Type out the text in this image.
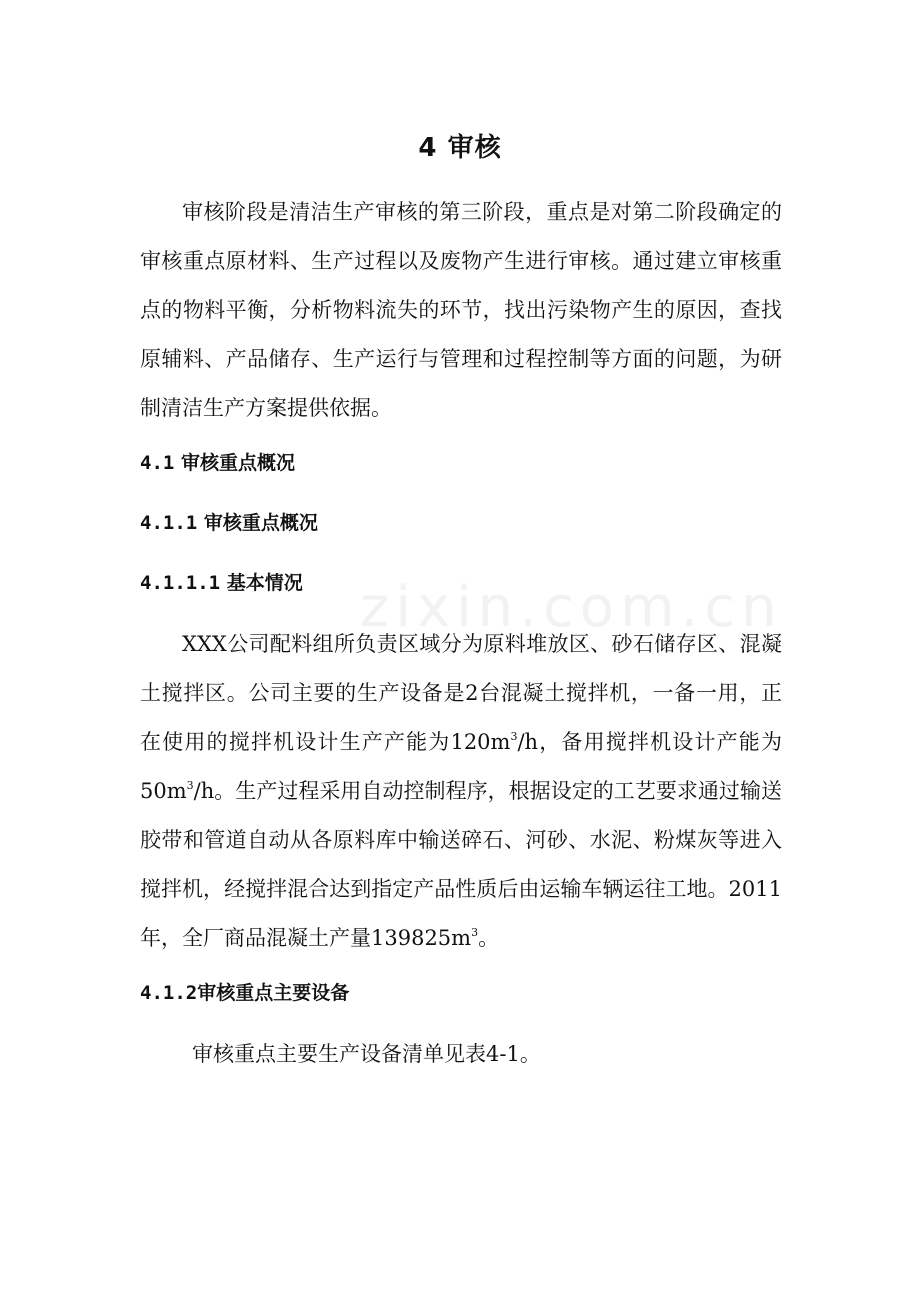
zixin.com.cn
4 审核

审核阶段是清洁生产审核的第三阶段，重点是对第二阶段确定的审核重点原材料、生产过程以及废物产生进行审核。通过建立审核重点的物料平衡，分析物料流失的环节，找出污染物产生的原因，查找原辅料、产品储存、生产运行与管理和过程控制等方面的问题，为研制清洁生产方案提供依据。

4.1 审核重点概况
4.1.1 审核重点概况
4.1.1.1 基本情况

XXX公司配料组所负责区域分为原料堆放区、砂石储存区、混凝土搅拌区。公司主要的生产设备是2台混凝土搅拌机，一备一用，正在使用的搅拌机设计生产产能为$120m^3/h$，备用搅拌机设计产能为$50m^3/h$。生产过程采用自动控制程序，根据设定的工艺要求通过输送胶带和管道自动从各原料库中输送碎石、河砂、水泥、粉煤灰等进入搅拌机，经搅拌混合达到指定产品性质后由运输车辆运往工地。2011年，全厂商品混凝土产量$139825m^3$。

4.1.2审核重点主要设备

审核重点主要生产设备清单见表4-1。
